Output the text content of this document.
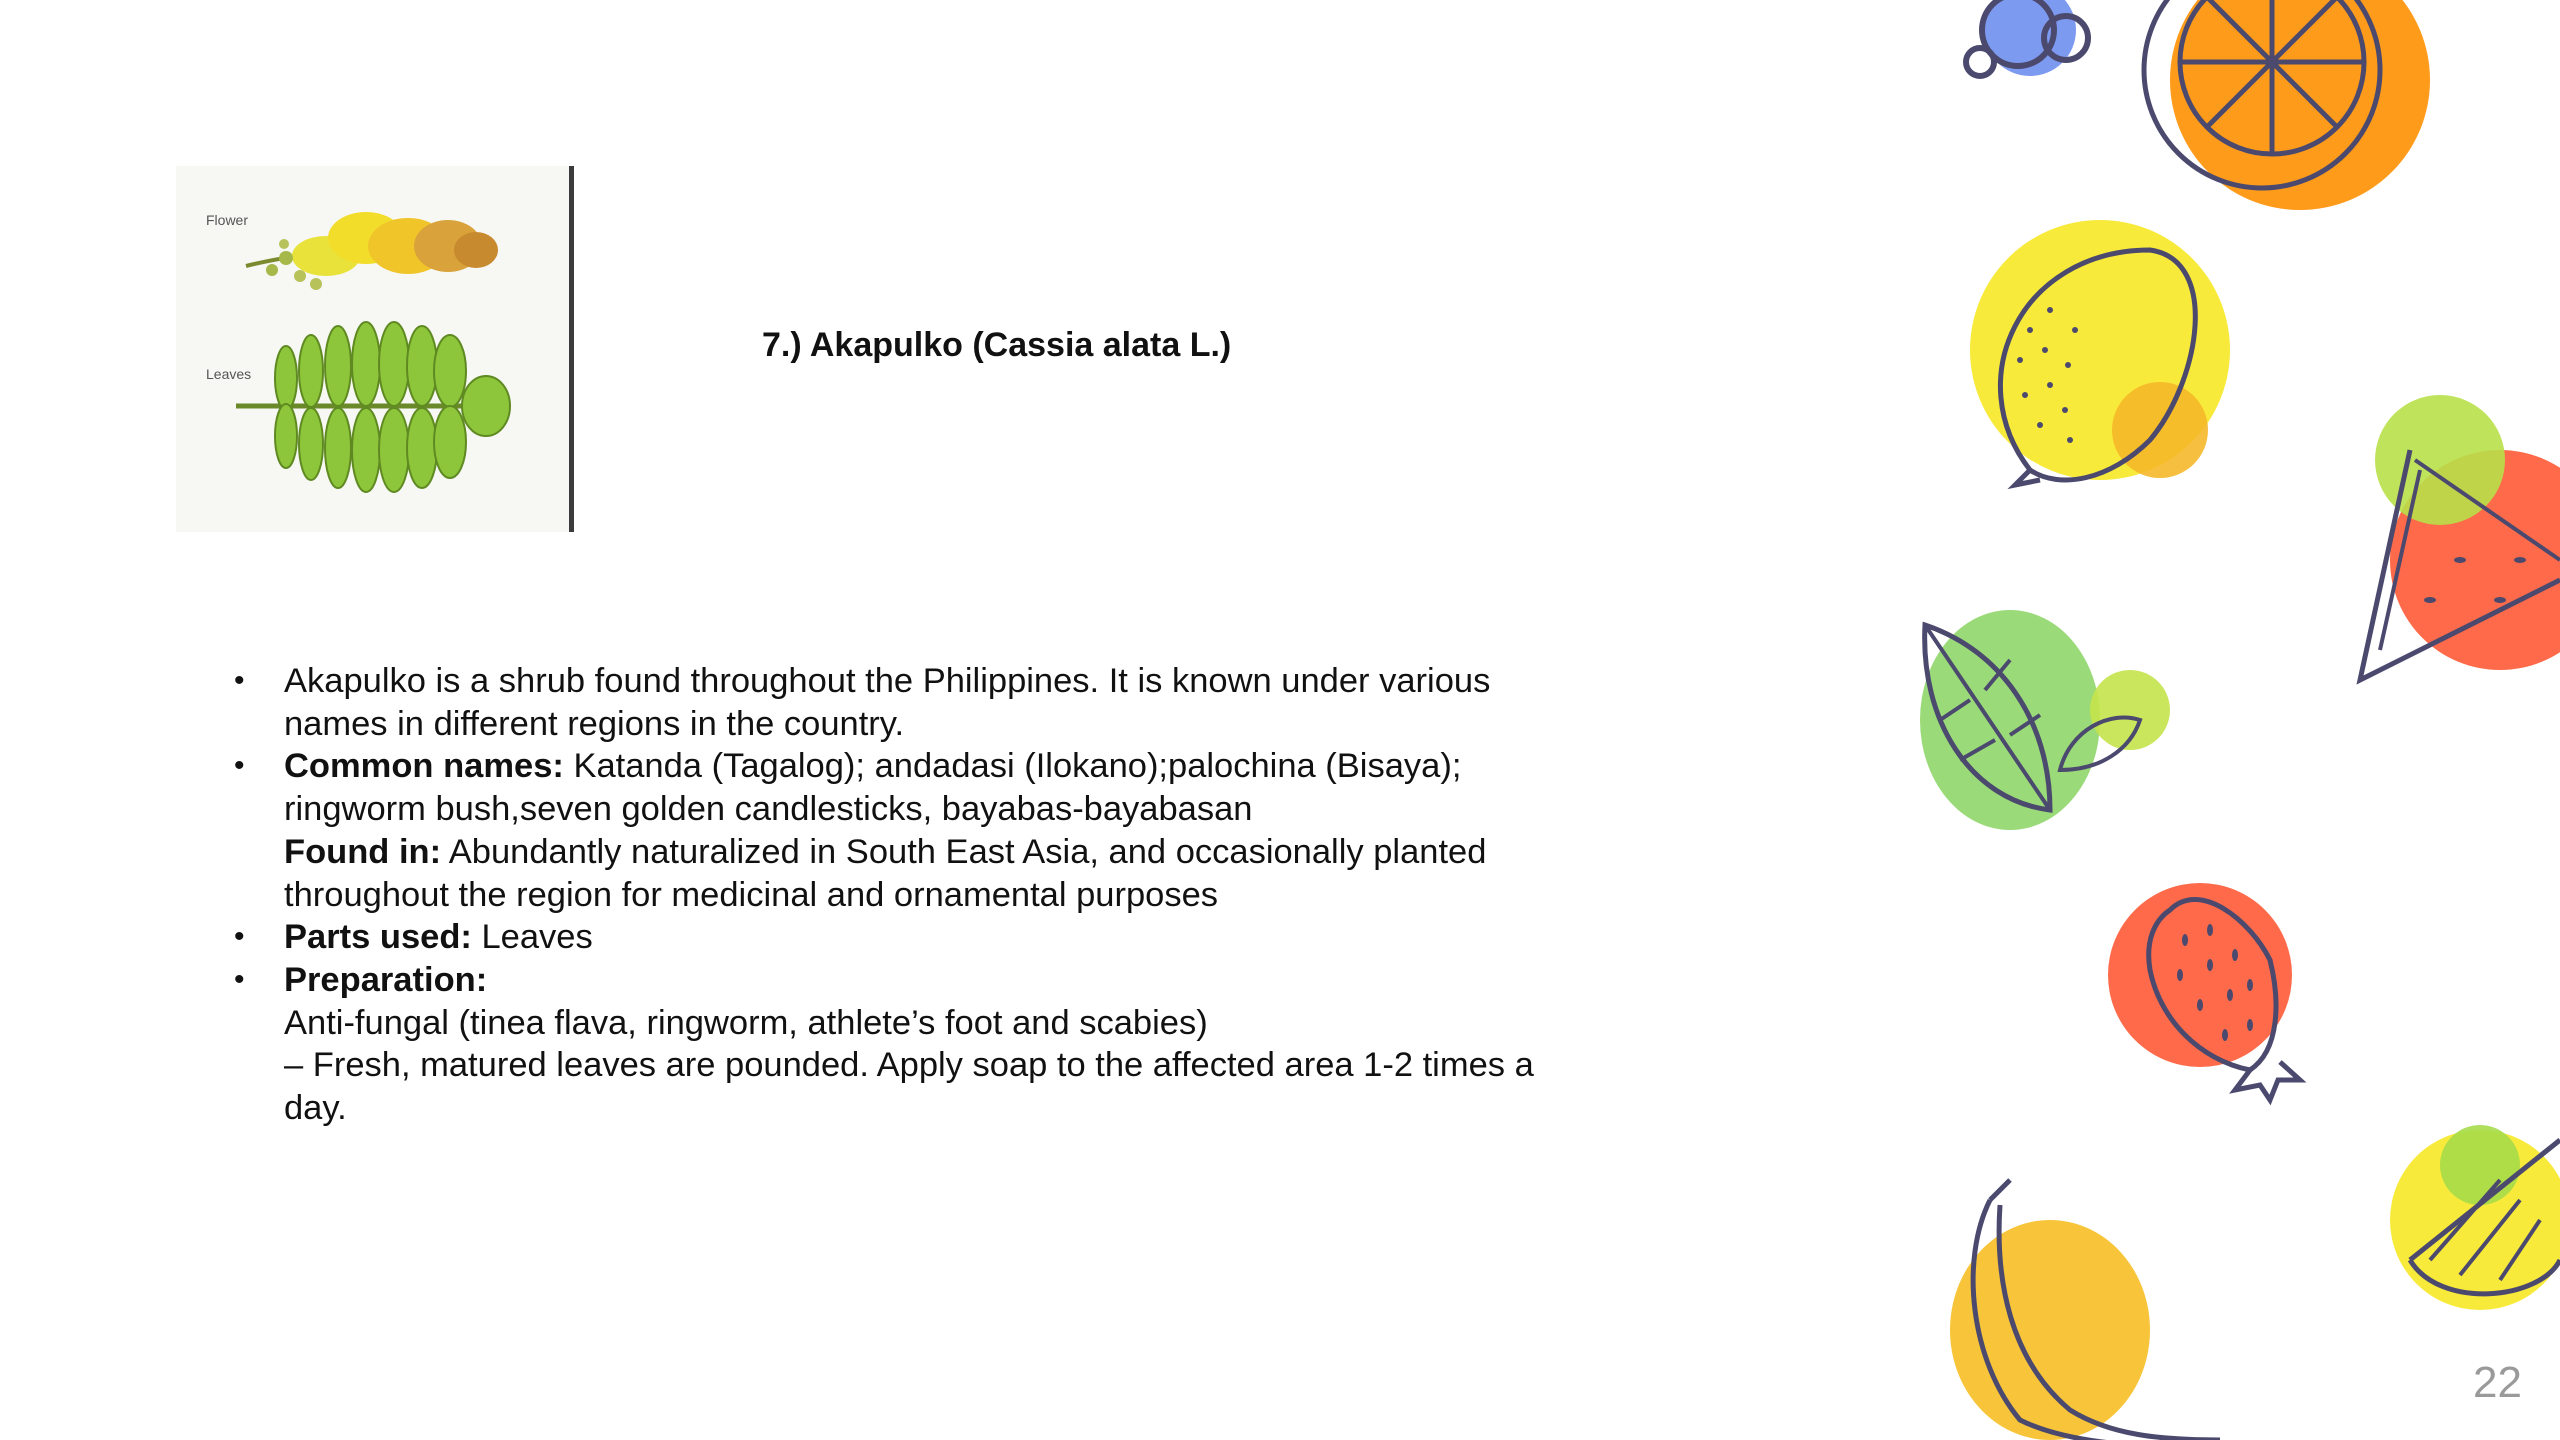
Flower
Leaves
7.) Akapulko (Cassia alata L.)
• Akapulko is a shrub found throughout the Philippines. It is known under various names in different regions in the country.
• Common names: Katanda (Tagalog); andadasi (Ilokano);palochina (Bisaya); ringworm bush,seven golden candlesticks, bayabas-bayabasan
Found in: Abundantly naturalized in South East Asia, and occasionally planted throughout the region for medicinal and ornamental purposes
• Parts used: Leaves
• Preparation:
Anti-fungal (tinea flava, ringworm, athlete’s foot and scabies)
– Fresh, matured leaves are pounded. Apply soap to the affected area 1-2 times a day.
22
